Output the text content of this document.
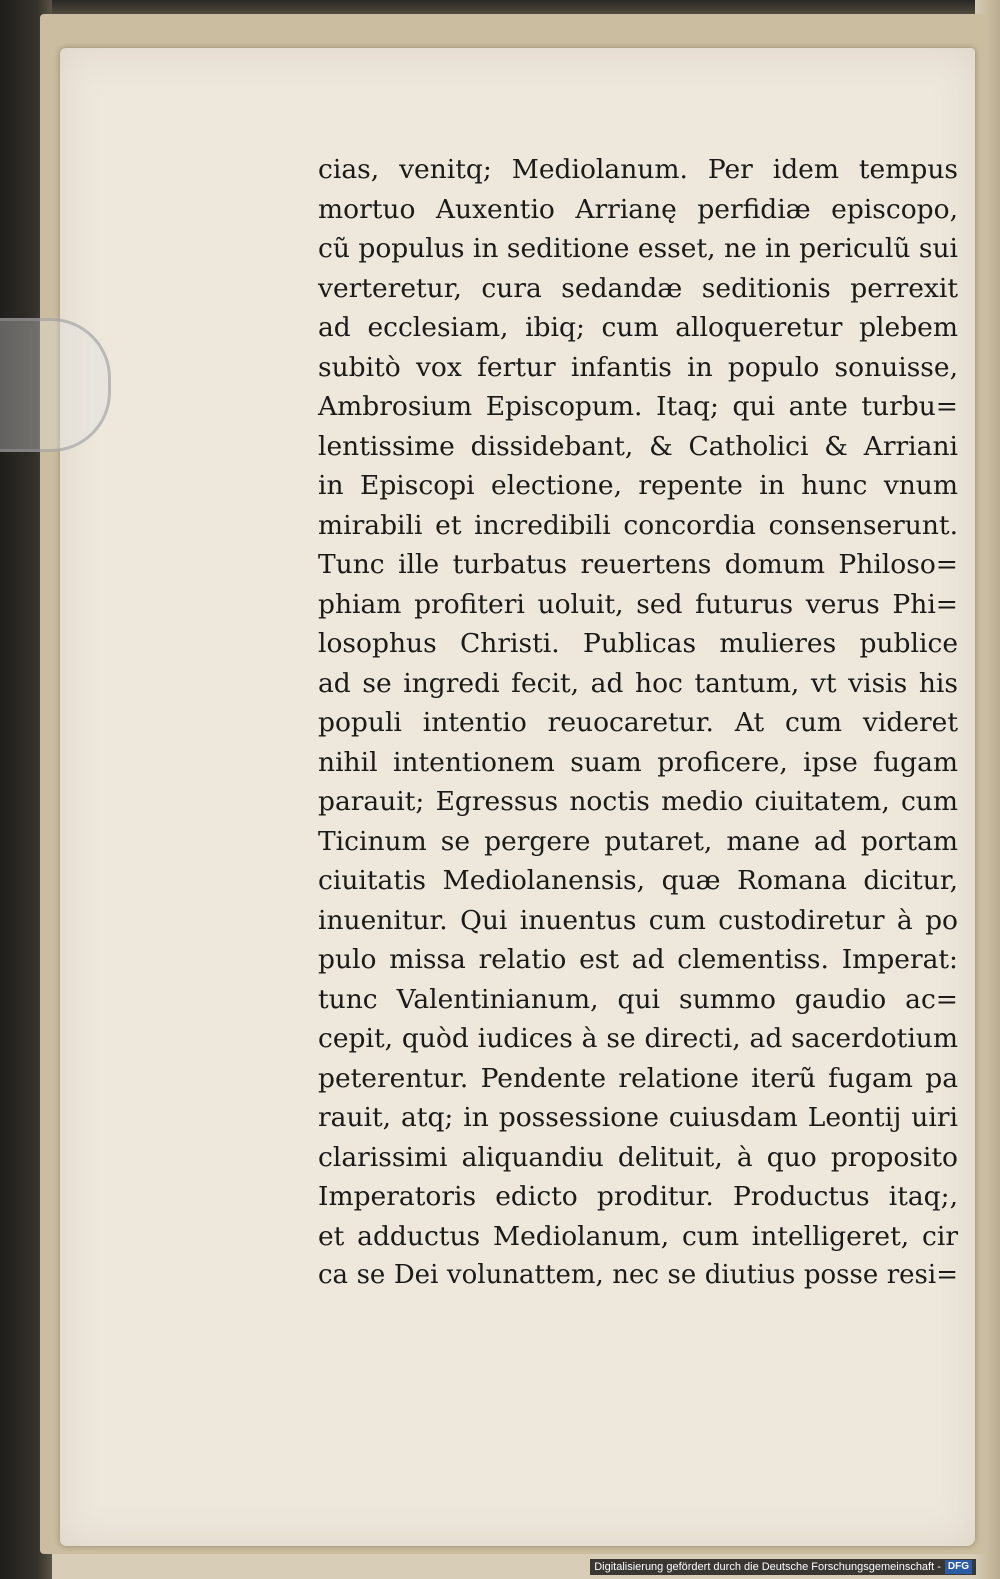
cias, venitq; Mediolanum. Per idem tempus
mortuo Auxentio Arrianę perfidiæ episcopo,
cũ populus in seditione esset, ne in periculũ sui
verteretur, cura sedandæ seditionis perrexit
ad ecclesiam, ibiq; cum alloqueretur plebem
subitò vox fertur infantis in populo sonuisse,
Ambrosium Episcopum. Itaq; qui ante turbu=
lentissime dissidebant, & Catholici & Arriani
in Episcopi electione, repente in hunc vnum
mirabili et incredibili concordia consenserunt.
Tunc ille turbatus reuertens domum Philoso=
phiam profiteri uoluit, sed futurus verus Phi=
losophus Christi. Publicas mulieres publice
ad se ingredi fecit, ad hoc tantum, vt visis his
populi intentio reuocaretur. At cum videret
nihil intentionem suam proficere, ipse fugam
parauit; Egressus noctis medio ciuitatem, cum
Ticinum se pergere putaret, mane ad portam
ciuitatis Mediolanensis, quæ Romana dicitur,
inuenitur. Qui inuentus cum custodiretur à po
pulo missa relatio est ad clementiss. Imperat:
tunc Valentinianum, qui summo gaudio ac=
cepit, quòd iudices à se directi, ad sacerdotium
peterentur. Pendente relatione iterũ fugam pa
rauit, atq; in possessione cuiusdam Leontij uiri
clarissimi aliquandiu delituit, à quo proposito
Imperatoris edicto proditur. Productus itaq;,
et adductus Mediolanum, cum intelligeret, cir
ca se Dei volunattem, nec se diutius posse resi=
Digitalisierung gefördert durch die Deutsche Forschungsgemeinschaft - DFG
